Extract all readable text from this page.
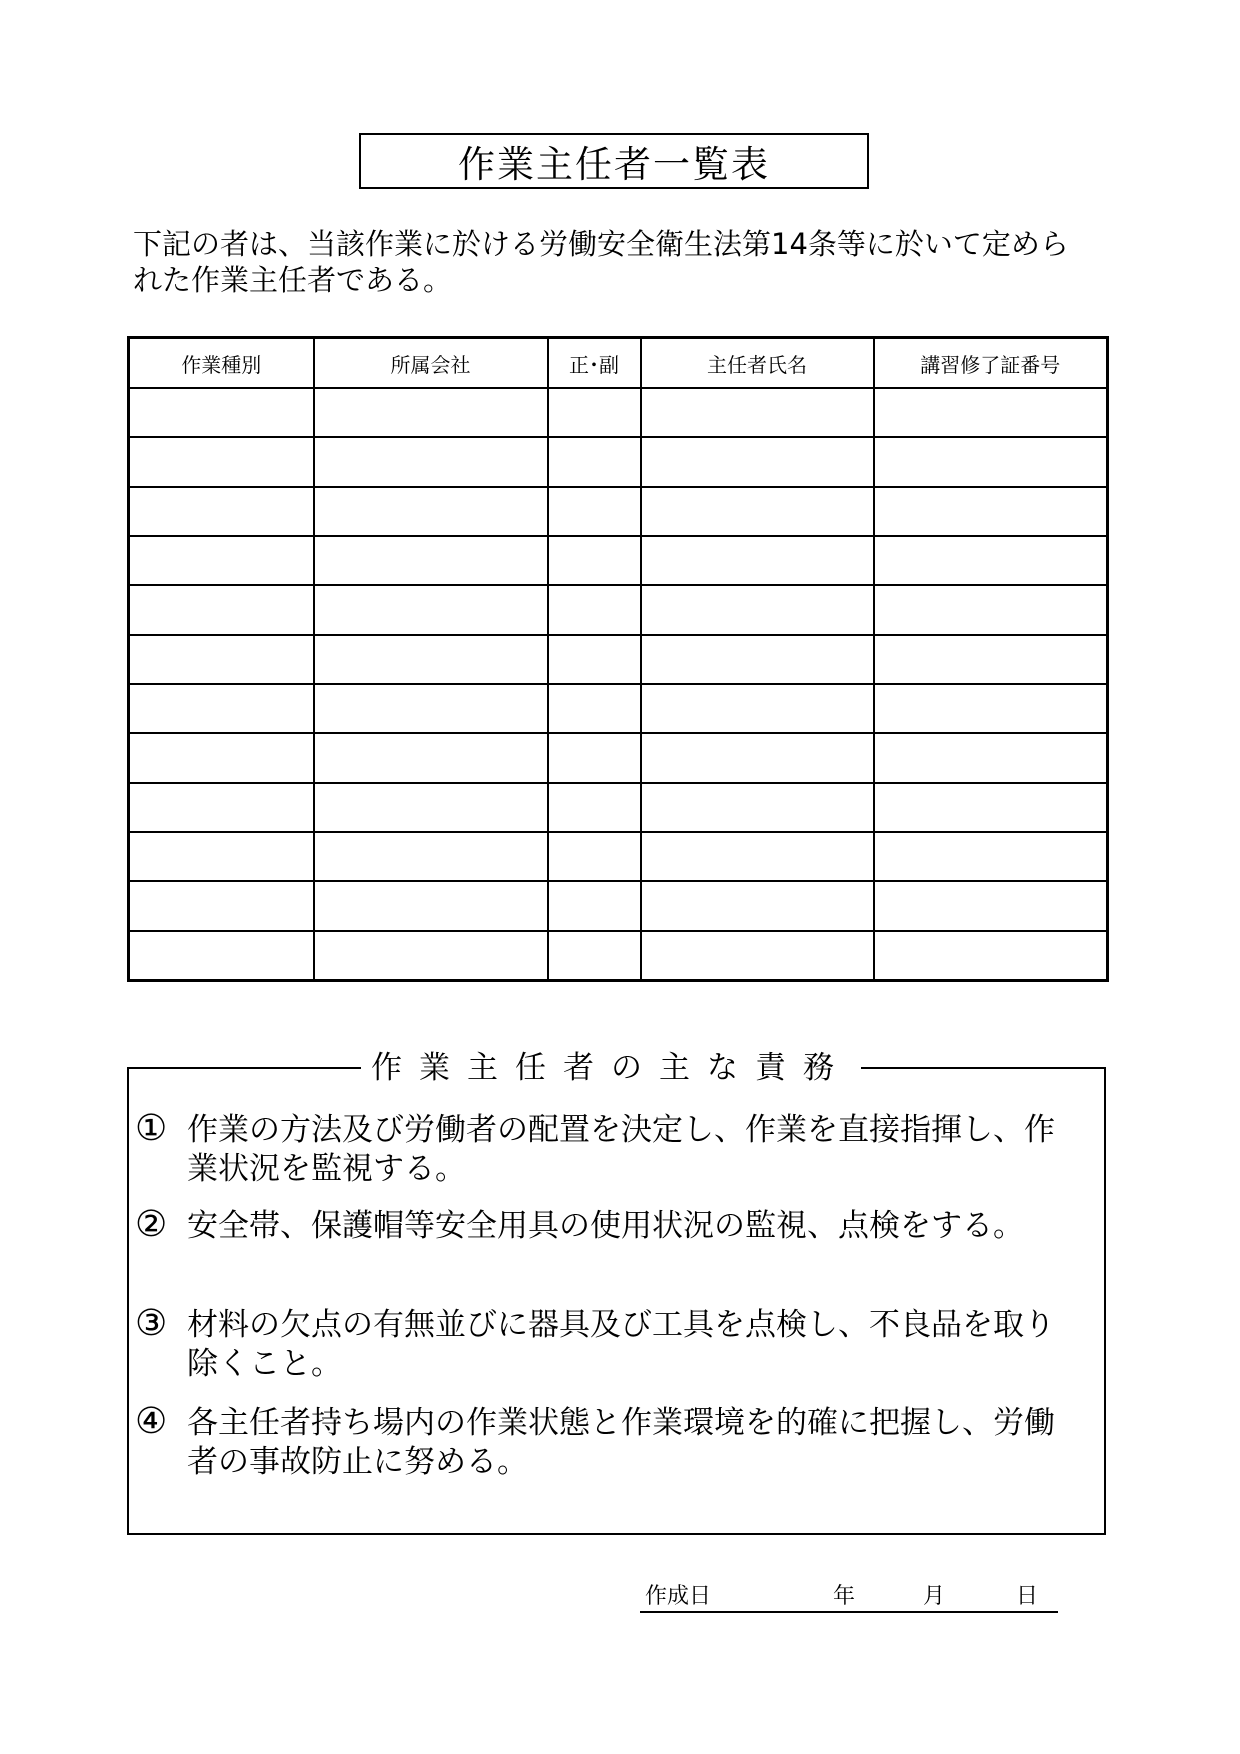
作業主任者一覧表

下記の者は、当該作業に於ける労働安全衛生法第14条等に於いて定められた作業主任者である。

作業種別	所属会社	正･副	主任者氏名	講習修了証番号

作業主任者の主な責務
① 作業の方法及び労働者の配置を決定し、作業を直接指揮し、作業状況を監視する。
② 安全帯、保護帽等安全用具の使用状況の監視、点検をする。
③ 材料の欠点の有無並びに器具及び工具を点検し、不良品を取り除くこと。
④ 各主任者持ち場内の作業状態と作業環境を的確に把握し、労働者の事故防止に努める。
作成日	年	月	日
